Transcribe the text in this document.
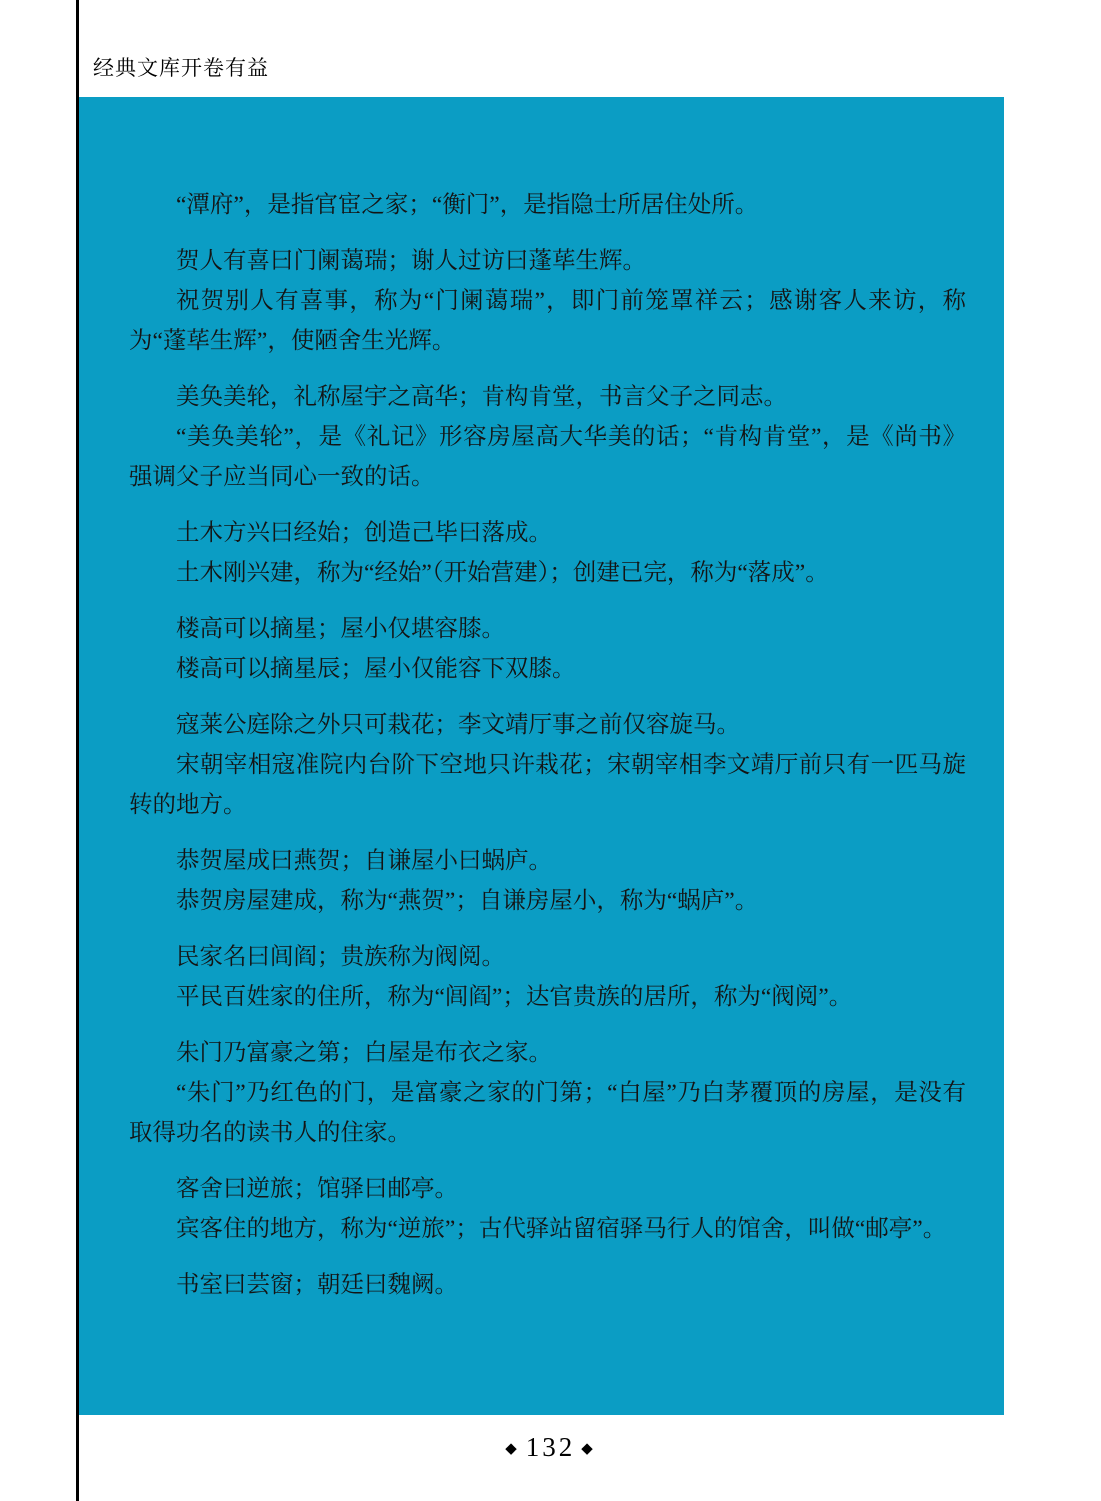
经典文库开卷有益

“潭府”，是指官宦之家；“衡门”，是指隐士所居住处所。

贺人有喜曰门阑蔼瑞；谢人过访曰蓬荜生辉。

祝贺别人有喜事，称为“门阑蔼瑞”，即门前笼罩祥云；感谢客人来访，称为“蓬荜生辉”，使陋舍生光辉。

美奂美轮，礼称屋宇之高华；肯构肯堂，书言父子之同志。

“美奂美轮”，是《礼记》形容房屋高大华美的话；“肯构肯堂”，是《尚书》强调父子应当同心一致的话。

土木方兴曰经始；创造己毕曰落成。

土木刚兴建，称为“经始”（开始营建）；创建已完，称为“落成”。

楼高可以摘星；屋小仅堪容膝。

楼高可以摘星辰；屋小仅能容下双膝。

寇莱公庭除之外只可栽花；李文靖厅事之前仅容旋马。

宋朝宰相寇准院内台阶下空地只许栽花；宋朝宰相李文靖厅前只有一匹马旋转的地方。

恭贺屋成曰燕贺；自谦屋小曰蜗庐。

恭贺房屋建成，称为“燕贺”；自谦房屋小，称为“蜗庐”。

民家名曰闾阎；贵族称为阀阅。

平民百姓家的住所，称为“闾阎”；达官贵族的居所，称为“阀阅”。

朱门乃富豪之第；白屋是布衣之家。

“朱门”乃红色的门，是富豪之家的门第；“白屋”乃白茅覆顶的房屋，是没有取得功名的读书人的住家。

客舍曰逆旅；馆驿曰邮亭。

宾客住的地方，称为“逆旅”；古代驿站留宿驿马行人的馆舍，叫做“邮亭”。

书室曰芸窗；朝廷曰魏阙。

◆ 132 ◆
